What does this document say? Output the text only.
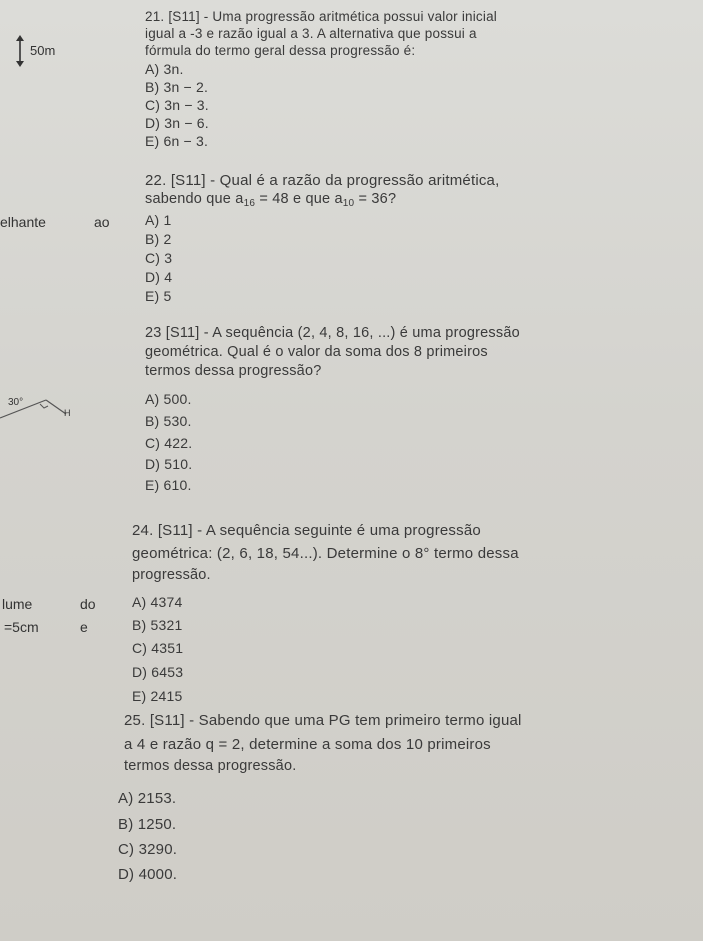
50m
elhante	ao
30°
H
lume	do
=5cm	e
21. [S11] - Uma progressão aritmética possui valor inicial
igual a -3 e razão igual a 3. A alternativa que possui a
fórmula do termo geral dessa progressão é:
A) 3n.
B) 3n − 2.
C) 3n − 3.
D) 3n − 6.
E) 6n − 3.
22. [S11] - Qual é a razão da progressão aritmética,
sabendo que $a_{16} = 48$ e que $a_{10} = 36$?
A) 1
B) 2
C) 3
D) 4
E) 5
23 [S11] - A sequência (2, 4, 8, 16, ...) é uma progressão
geométrica. Qual é o valor da soma dos 8 primeiros
termos dessa progressão?
A) 500.
B) 530.
C) 422.
D) 510.
E) 610.
24. [S11] - A sequência seguinte é uma progressão
geométrica: (2, 6, 18, 54...). Determine o 8° termo dessa
progressão.
A) 4374
B) 5321
C) 4351
D) 6453
E) 2415
25. [S11] - Sabendo que uma PG tem primeiro termo igual
a 4 e razão q = 2, determine a soma dos 10 primeiros
termos dessa progressão.
A) 2153.
B) 1250.
C) 3290.
D) 4000.
